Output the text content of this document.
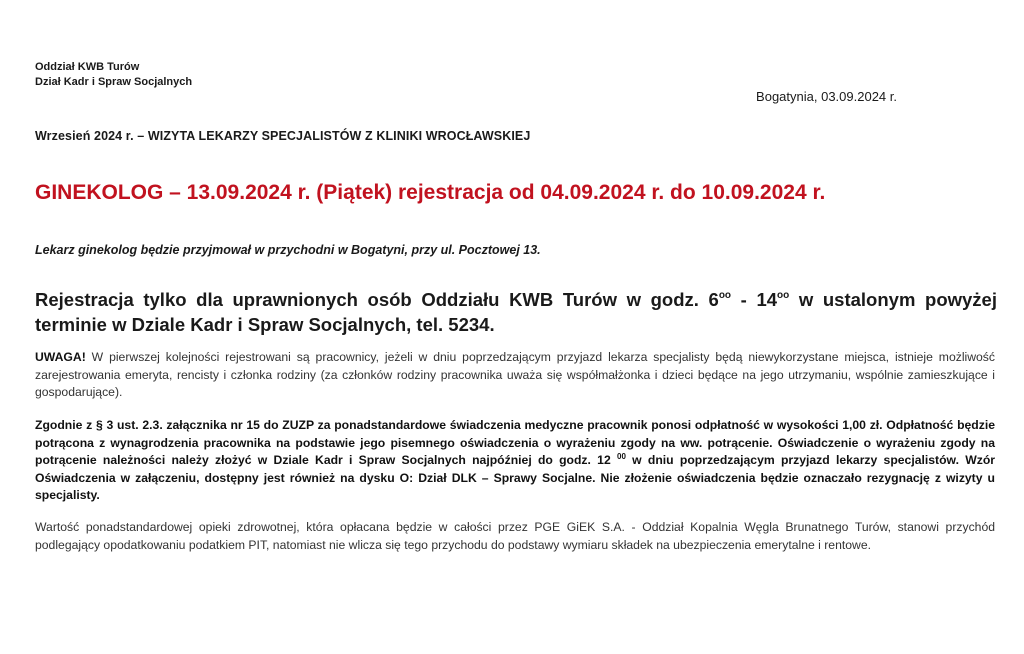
Oddział KWB Turów
Dział Kadr i Spraw Socjalnych
Bogatynia, 03.09.2024 r.
Wrzesień 2024 r. – WIZYTA LEKARZY SPECJALISTÓW Z KLINIKI WROCŁAWSKIEJ
GINEKOLOG – 13.09.2024 r. (Piątek) rejestracja od 04.09.2024 r. do 10.09.2024 r.
Lekarz ginekolog będzie przyjmował w przychodni w Bogatyni, przy ul. Pocztowej 13.
Rejestracja tylko dla uprawnionych osób Oddziału KWB Turów w godz. $6^{oo} - 14^{oo}$ w ustalonym powyżej terminie w Dziale Kadr i Spraw Socjalnych, tel. 5234.
UWAGA! W pierwszej kolejności rejestrowani są pracownicy, jeżeli w dniu poprzedzającym przyjazd lekarza specjalisty będą niewykorzystane miejsca, istnieje możliwość zarejestrowania emeryta, rencisty i członka rodziny (za członków rodziny pracownika uważa się współmałżonka i dzieci będące na jego utrzymaniu, wspólnie zamieszkujące i gospodarujące).
Zgodnie z § 3 ust. 2.3. załącznika nr 15 do ZUZP za ponadstandardowe świadczenia medyczne pracownik ponosi odpłatność w wysokości 1,00 zł. Odpłatność będzie potrącona z wynagrodzenia pracownika na podstawie jego pisemnego oświadczenia o wyrażeniu zgody na ww. potrącenie. Oświadczenie o wyrażeniu zgody na potrącenie należności należy złożyć w Dziale Kadr i Spraw Socjalnych najpóźniej do godz. 12 $^{00}$ w dniu poprzedzającym przyjazd lekarzy specjalistów. Wzór Oświadczenia w załączeniu, dostępny jest również na dysku O: Dział DLK – Sprawy Socjalne. Nie złożenie oświadczenia będzie oznaczało rezygnację z wizyty u specjalisty.
Wartość ponadstandardowej opieki zdrowotnej, która opłacana będzie w całości przez PGE GiEK S.A. - Oddział Kopalnia Węgla Brunatnego Turów, stanowi przychód podlegający opodatkowaniu podatkiem PIT, natomiast nie wlicza się tego przychodu do podstawy wymiaru składek na ubezpieczenia emerytalne i rentowe.
